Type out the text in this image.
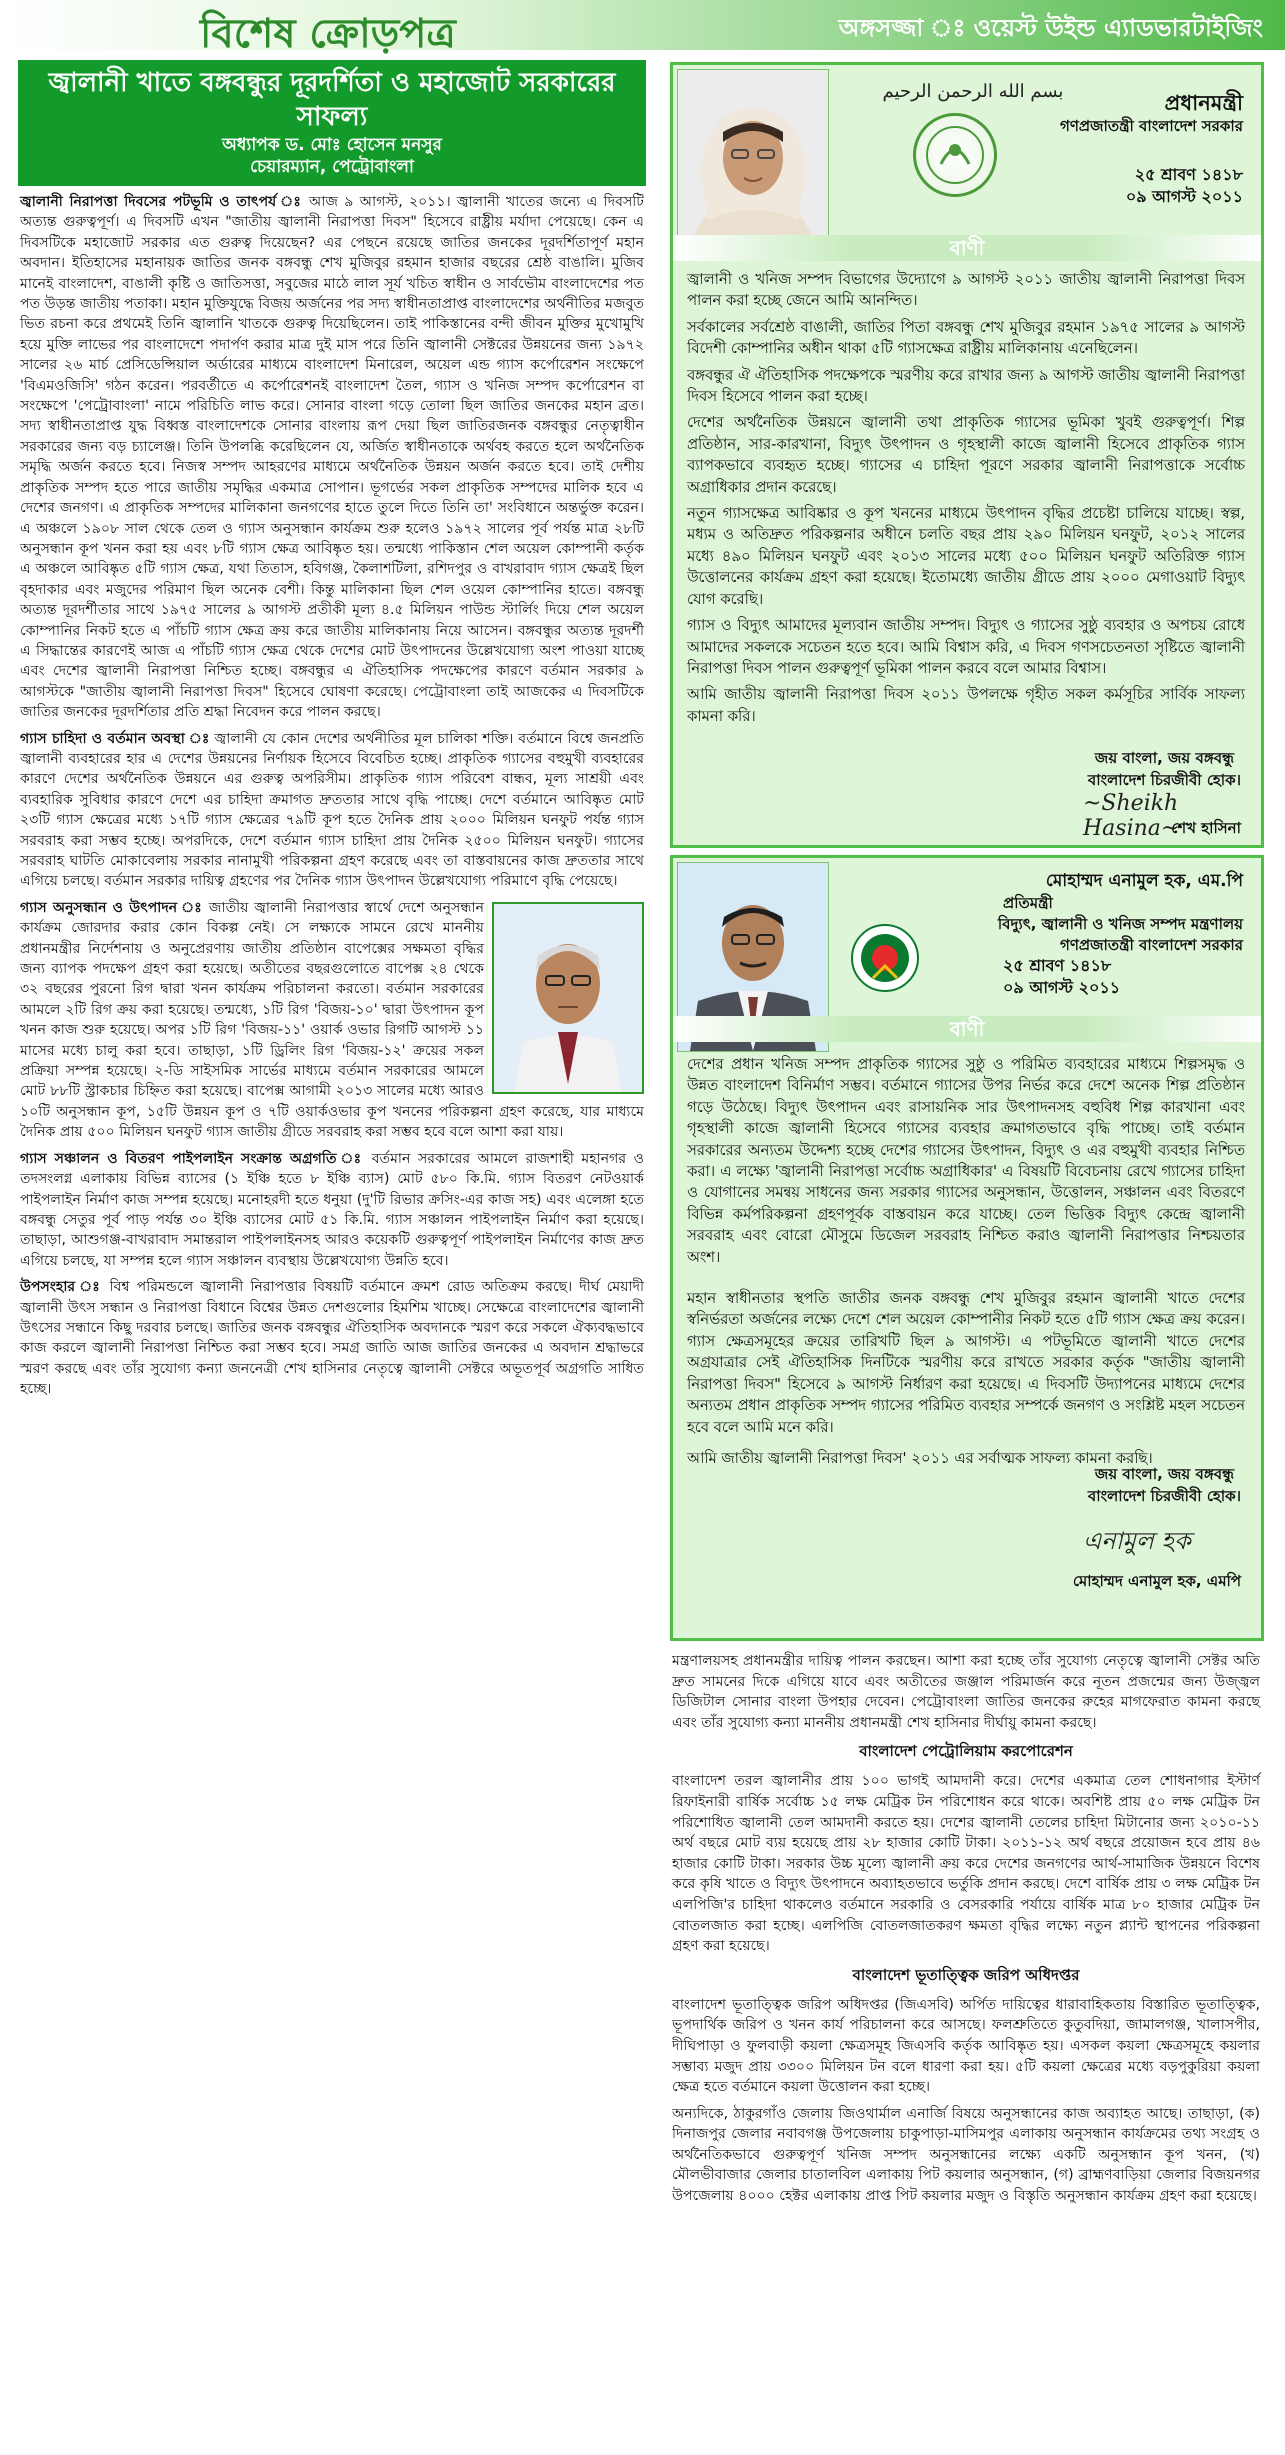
বিশেষ ক্রোড়পত্র	অঙ্গসজ্জা ঃ ওয়েস্ট উইন্ড এ্যাডভারটাইজিং
জ্বালানী খাতে বঙ্গবন্ধুর দূরদর্শিতা ও মহাজোট সরকারের সাফল্য
অধ্যাপক ড. মোঃ হোসেন মনসুর
চেয়ারম্যান, পেট্রোবাংলা
জ্বালানী নিরাপত্তা দিবসের পটভূমি ও তাৎপর্য ঃ আজ ৯ আগস্ট, ২০১১। জ্বালানী খাতের জন্যে এ দিবসটি অত্যন্ত গুরুত্বপূর্ণ। এ দিবসটি এখন "জাতীয় জ্বালানী নিরাপত্তা দিবস" হিসেবে রাষ্ট্রীয় মর্যাদা পেয়েছে। কেন এ দিবসটিকে মহাজোট সরকার এত গুরুত্ব দিয়েছেন? এর পেছনে রয়েছে জাতির জনকের দূরদর্শিতাপূর্ণ মহান অবদান। ইতিহাসের মহানায়ক জাতির জনক বঙ্গবন্ধু শেখ মুজিবুর রহমান হাজার বছরের শ্রেষ্ঠ বাঙালি। মুজিব মানেই বাংলাদেশ, বাঙালী কৃষ্টি ও জাতিসত্তা, সবুজের মাঠে লাল সূর্য খচিত স্বাধীন ও সার্বভৌম বাংলাদেশের পত পত উড়ন্ত জাতীয় পতাকা। মহান মুক্তিযুদ্ধে বিজয় অর্জনের পর সদ্য স্বাধীনতাপ্রাপ্ত বাংলাদেশের অর্থনীতির মজবুত ভিত রচনা করে প্রথমেই তিনি জ্বালানি খাতকে গুরুত্ব দিয়েছিলেন। তাই পাকিস্তানের বন্দী জীবন মুক্তির মুখোমুখি হয়ে মুক্তি লাভের পর বাংলাদেশে পদার্পণ করার মাত্র দুই মাস পরে তিনি জ্বালানী সেক্টরের উন্নয়নের জন্য ১৯৭২ সালের ২৬ মার্চ প্রেসিডেন্সিয়াল অর্ডারের মাধ্যমে বাংলাদেশ মিনারেল, অয়েল এন্ড গ্যাস কর্পোরেশন সংক্ষেপে 'বিএমওজিসি' গঠন করেন। পরবর্তীতে এ কর্পোরেশনই বাংলাদেশ তৈল, গ্যাস ও খনিজ সম্পদ কর্পোরেশন বা সংক্ষেপে 'পেট্রোবাংলা' নামে পরিচিতি লাভ করে। সোনার বাংলা গড়ে তোলা ছিল জাতির জনকের মহান ব্রত। সদ্য স্বাধীনতাপ্রাপ্ত যুদ্ধ বিধ্বস্ত বাংলাদেশকে সোনার বাংলায় রূপ দেয়া ছিল জাতিরজনক বঙ্গবন্ধুর নেতৃত্বাধীন সরকারের জন্য বড় চ্যালেঞ্জ। তিনি উপলব্ধি করেছিলেন যে, অর্জিত স্বাধীনতাকে অর্থবহ করতে হলে অর্থনৈতিক সমৃদ্ধি অর্জন করতে হবে। নিজস্ব সম্পদ আহরণের মাধ্যমে অর্থনৈতিক উন্নয়ন অর্জন করতে হবে। তাই দেশীয় প্রাকৃতিক সম্পদ হতে পারে জাতীয় সমৃদ্ধির একমাত্র সোপান। ভূগর্ভের সকল প্রাকৃতিক সম্পদের মালিক হবে এ দেশের জনগণ। এ প্রাকৃতিক সম্পদের মালিকানা জনগণের হাতে তুলে দিতে তিনি তা' সংবিধানে অন্তর্ভুক্ত করেন। এ অঞ্চলে ১৯০৮ সাল থেকে তেল ও গ্যাস অনুসন্ধান কার্যক্রম শুরু হলেও ১৯৭২ সালের পূর্ব পর্যন্ত মাত্র ২৮টি অনুসন্ধান কূপ খনন করা হয় এবং ৮টি গ্যাস ক্ষেত্র আবিষ্কৃত হয়। তন্মধ্যে পাকিস্তান শেল অয়েল কোম্পানী কর্তৃক এ অঞ্চলে আবিষ্কৃত ৫টি গ্যাস ক্ষেত্র, যথা তিতাস, হবিগঞ্জ, কৈলাশটিলা, রশিদপুর ও বাখরাবাদ গ্যাস ক্ষেত্রই ছিল বৃহদাকার এবং মজুদের পরিমাণ ছিল অনেক বেশী। কিন্তু মালিকানা ছিল শেল ওয়েল কোম্পানির হাতে। বঙ্গবন্ধু অত্যন্ত দূরদর্শীতার সাথে ১৯৭৫ সালের ৯ আগস্ট প্রতীকী মূল্য ৪.৫ মিলিয়ন পাউন্ড স্টার্লিং দিয়ে শেল অয়েল কোম্পানির নিকট হতে এ পাঁচটি গ্যাস ক্ষেত্র ক্রয় করে জাতীয় মালিকানায় নিয়ে আসেন। বঙ্গবন্ধুর অত্যন্ত দূরদর্শী এ সিদ্ধান্তের কারণেই আজ এ পাঁচটি গ্যাস ক্ষেত্র থেকে দেশের মোট উৎপাদনের উল্লেখযোগ্য অংশ পাওয়া যাচ্ছে এবং দেশের জ্বালানী নিরাপত্তা নিশ্চিত হচ্ছে। বঙ্গবন্ধুর এ ঐতিহাসিক পদক্ষেপের কারণে বর্তমান সরকার ৯ আগস্টকে "জাতীয় জ্বালানী নিরাপত্তা দিবস" হিসেবে ঘোষণা করেছে। পেট্রোবাংলা তাই আজকের এ দিবসটিকে জাতির জনকের দূরদর্শিতার প্রতি শ্রদ্ধা নিবেদন করে পালন করছে।
গ্যাস চাহিদা ও বর্তমান অবস্থা ঃ জ্বালানী যে কোন দেশের অর্থনীতির মূল চালিকা শক্তি। বর্তমানে বিশ্বে জনপ্রতি জ্বালানী ব্যবহারের হার এ দেশের উন্নয়নের নির্ণায়ক হিসেবে বিবেচিত হচ্ছে। প্রাকৃতিক গ্যাসের বহুমুখী ব্যবহারের কারণে দেশের অর্থনৈতিক উন্নয়নে এর গুরুত্ব অপরিসীম। প্রাকৃতিক গ্যাস পরিবেশ বান্ধব, মূল্য সাশ্রয়ী এবং ব্যবহারিক সুবিধার কারণে দেশে এর চাহিদা ক্রমাগত দ্রুততার সাথে বৃদ্ধি পাচ্ছে। দেশে বর্তমানে আবিষ্কৃত মোট ২৩টি গ্যাস ক্ষেত্রের মধ্যে ১৭টি গ্যাস ক্ষেত্রের ৭৯টি কূপ হতে দৈনিক প্রায় ২০০০ মিলিয়ন ঘনফুট পর্যন্ত গ্যাস সরবরাহ করা সম্ভব হচ্ছে। অপরদিকে, দেশে বর্তমান গ্যাস চাহিদা প্রায় দৈনিক ২৫০০ মিলিয়ন ঘনফুট। গ্যাসের সরবরাহ ঘাটতি মোকাবেলায় সরকার নানামুখী পরিকল্পনা গ্রহণ করেছে এবং তা বাস্তবায়নের কাজ দ্রুততার সাথে এগিয়ে চলছে। বর্তমান সরকার দায়িত্ব গ্রহণের পর দৈনিক গ্যাস উৎপাদন উল্লেখযোগ্য পরিমাণে বৃদ্ধি পেয়েছে।
গ্যাস অনুসন্ধান ও উৎপাদন ঃ জাতীয় জ্বালানী নিরাপত্তার স্বার্থে দেশে অনুসন্ধান কার্যক্রম জোরদার করার কোন বিকল্প নেই। সে লক্ষ্যকে সামনে রেখে মাননীয় প্রধানমন্ত্রীর নির্দেশনায় ও অনুপ্রেরণায় জাতীয় প্রতিষ্ঠান বাপেক্সের সক্ষমতা বৃদ্ধির জন্য ব্যাপক পদক্ষেপ গ্রহণ করা হয়েছে। অতীতের বছরগুলোতে বাপেক্স ২৪ থেকে ৩২ বছরের পুরনো রিগ দ্বারা খনন কার্যক্রম পরিচালনা করতো। বর্তমান সরকারের আমলে ২টি রিগ ক্রয় করা হয়েছে। তন্মধ্যে, ১টি রিগ 'বিজয়-১০' দ্বারা উৎপাদন কূপ খনন কাজ শুরু হয়েছে। অপর ১টি রিগ 'বিজয়-১১' ওয়ার্ক ওভার রিগটি আগস্ট ১১ মাসের মধ্যে চালু করা হবে। তাছাড়া, ১টি ড্রিলিং রিগ 'বিজয়-১২' ক্রয়ের সকল প্রক্রিয়া সম্পন্ন হয়েছে। ২-ডি সাইসমিক সার্ভের মাধ্যমে বর্তমান সরকারের আমলে মোট ৮৮টি স্ট্রাকচার চিহ্নিত করা হয়েছে। বাপেক্স আগামী ২০১৩ সালের মধ্যে আরও ১০টি অনুসন্ধান কূপ, ১৫টি উন্নয়ন কূপ ও ৭টি ওয়ার্কওভার কূপ খননের পরিকল্পনা গ্রহণ করেছে, যার মাধ্যমে দৈনিক প্রায় ৫০০ মিলিয়ন ঘনফুট গ্যাস জাতীয় গ্রীডে সরবরাহ করা সম্ভব হবে বলে আশা করা যায়।
গ্যাস সঞ্চালন ও বিতরণ পাইপলাইন সংক্রান্ত অগ্রগতি ঃ বর্তমান সরকারের আমলে রাজশাহী মহানগর ও তদসংলগ্ন এলাকায় বিভিন্ন ব্যাসের (১ ইঞ্চি হতে ৮ ইঞ্চি ব্যাস) মোট ৫৮০ কি.মি. গ্যাস বিতরণ নেটওয়ার্ক পাইপলাইন নির্মাণ কাজ সম্পন্ন হয়েছে। মনোহরদী হতে ধনুয়া (দু'টি রিভার ক্রসিং-এর কাজ সহ) এবং এলেঙ্গা হতে বঙ্গবন্ধু সেতুর পূর্ব পাড় পর্যন্ত ৩০ ইঞ্চি ব্যাসের মোট ৫১ কি.মি. গ্যাস সঞ্চালন পাইপলাইন নির্মাণ করা হয়েছে। তাছাড়া, আশুগঞ্জ-বাখরাবাদ সমান্তরাল পাইপলাইনসহ আরও কয়েকটি গুরুত্বপূর্ণ পাইপলাইন নির্মাণের কাজ দ্রুত এগিয়ে চলছে, যা সম্পন্ন হলে গ্যাস সঞ্চালন ব্যবস্থায় উল্লেখযোগ্য উন্নতি হবে।
উপসংহার ঃ বিশ্ব পরিমন্ডলে জ্বালানী নিরাপত্তার বিষয়টি বর্তমানে ক্রমশ রোড অতিক্রম করছে। দীর্ঘ মেয়াদী জ্বালানী উৎস সন্ধান ও নিরাপত্তা বিধানে বিশ্বের উন্নত দেশগুলোর হিমশিম খাচ্ছে। সেক্ষেত্রে বাংলাদেশের জ্বালানী উৎসের সন্ধানে কিছু দরবার চলছে। জাতির জনক বঙ্গবন্ধুর ঐতিহাসিক অবদানকে স্মরণ করে সকলে ঐক্যবদ্ধভাবে কাজ করলে জ্বালানী নিরাপত্তা নিশ্চিত করা সম্ভব হবে। সমগ্র জাতি আজ জাতির জনকের এ অবদান শ্রদ্ধাভরে স্মরণ করছে এবং তাঁর সুযোগ্য কন্যা জননেত্রী শেখ হাসিনার নেতৃত্বে জ্বালানী সেক্টরে অভূতপূর্ব অগ্রগতি সাধিত হচ্ছে।
بسم الله الرحمن الرحيم	প্রধানমন্ত্রী
গণপ্রজাতন্ত্রী বাংলাদেশ সরকার
২৫ শ্রাবণ ১৪১৮
০৯ আগস্ট ২০১১
বাণী

জ্বালানী ও খনিজ সম্পদ বিভাগের উদ্যোগে ৯ আগস্ট ২০১১ জাতীয় জ্বালানী নিরাপত্তা দিবস পালন করা হচ্ছে জেনে আমি আনন্দিত।

সর্বকালের সর্বশ্রেষ্ঠ বাঙালী, জাতির পিতা বঙ্গবন্ধু শেখ মুজিবুর রহমান ১৯৭৫ সালের ৯ আগস্ট বিদেশী কোম্পানির অধীন থাকা ৫টি গ্যাসক্ষেত্র রাষ্ট্রীয় মালিকানায় এনেছিলেন।

বঙ্গবন্ধুর ঐ ঐতিহাসিক পদক্ষেপকে স্মরণীয় করে রাখার জন্য ৯ আগস্ট জাতীয় জ্বালানী নিরাপত্তা দিবস হিসেবে পালন করা হচ্ছে।

দেশের অর্থনৈতিক উন্নয়নে জ্বালানী তথা প্রাকৃতিক গ্যাসের ভূমিকা খুবই গুরুত্বপূর্ণ। শিল্প প্রতিষ্ঠান, সার-কারখানা, বিদ্যুৎ উৎপাদন ও গৃহস্থালী কাজে জ্বালানী হিসেবে প্রাকৃতিক গ্যাস ব্যাপকভাবে ব্যবহৃত হচ্ছে। গ্যাসের এ চাহিদা পূরণে সরকার জ্বালানী নিরাপত্তাকে সর্বোচ্চ অগ্রাধিকার প্রদান করেছে।

নতুন গ্যাসক্ষেত্র আবিষ্কার ও কূপ খননের মাধ্যমে উৎপাদন বৃদ্ধির প্রচেষ্টা চালিয়ে যাচ্ছে। স্বল্প, মধ্যম ও অতিদ্রুত পরিকল্পনার অধীনে চলতি বছর প্রায় ২৯০ মিলিয়ন ঘনফুট, ২০১২ সালের মধ্যে ৪৯০ মিলিয়ন ঘনফুট এবং ২০১৩ সালের মধ্যে ৫০০ মিলিয়ন ঘনফুট অতিরিক্ত গ্যাস উত্তোলনের কার্যক্রম গ্রহণ করা হয়েছে। ইতোমধ্যে জাতীয় গ্রীডে প্রায় ২০০০ মেগাওয়াট বিদ্যুৎ যোগ করেছি।

গ্যাস ও বিদ্যুৎ আমাদের মূল্যবান জাতীয় সম্পদ। বিদ্যুৎ ও গ্যাসের সুষ্ঠু ব্যবহার ও অপচয় রোধে আমাদের সকলকে সচেতন হতে হবে। আমি বিশ্বাস করি, এ দিবস গণসচেতনতা সৃষ্টিতে জ্বালানী নিরাপত্তা দিবস পালন গুরুত্বপূর্ণ ভূমিকা পালন করবে বলে আমার বিশ্বাস।

আমি জাতীয় জ্বালানী নিরাপত্তা দিবস ২০১১ উপলক্ষে গৃহীত সকল কর্মসূচির সার্বিক সাফল্য কামনা করি।

জয় বাংলা, জয় বঙ্গবন্ধু
বাংলাদেশ চিরজীবী হোক।
~Sheikh Hasina~
শেখ হাসিনা
মোহাম্মদ এনামুল হক, এম.পি
প্রতিমন্ত্রী
বিদ্যুৎ, জ্বালানী ও খনিজ সম্পদ মন্ত্রণালয়
গণপ্রজাতন্ত্রী বাংলাদেশ সরকার
২৫ শ্রাবণ ১৪১৮
০৯ আগস্ট ২০১১
বাণী

দেশের প্রধান খনিজ সম্পদ প্রাকৃতিক গ্যাসের সুষ্ঠু ও পরিমিত ব্যবহারের মাধ্যমে শিল্পসমৃদ্ধ ও উন্নত বাংলাদেশ বিনির্মাণ সম্ভব। বর্তমানে গ্যাসের উপর নির্ভর করে দেশে অনেক শিল্প প্রতিষ্ঠান গড়ে উঠেছে। বিদ্যুৎ উৎপাদন এবং রাসায়নিক সার উৎপাদনসহ বহুবিধ শিল্প কারখানা এবং গৃহস্থালী কাজে জ্বালানী হিসেবে গ্যাসের ব্যবহার ক্রমাগতভাবে বৃদ্ধি পাচ্ছে। তাই বর্তমান সরকারের অন্যতম উদ্দেশ্য হচ্ছে দেশের গ্যাসের উৎপাদন, বিদ্যুৎ ও এর বহুমুখী ব্যবহার নিশ্চিত করা। এ লক্ষ্যে 'জ্বালানী নিরাপত্তা সর্বোচ্চ অগ্রাধিকার' এ বিষয়টি বিবেচনায় রেখে গ্যাসের চাহিদা ও যোগানের সমন্বয় সাধনের জন্য সরকার গ্যাসের অনুসন্ধান, উত্তোলন, সঞ্চালন এবং বিতরণে বিভিন্ন কর্মপরিকল্পনা গ্রহণপূর্বক বাস্তবায়ন করে যাচ্ছে। তেল ভিত্তিক বিদ্যুৎ কেন্দ্রে জ্বালানী সরবরাহ এবং বোরো মৌসুমে ডিজেল সরবরাহ নিশ্চিত করাও জ্বালানী নিরাপত্তার নিশ্চয়তার অংশ।

মহান স্বাধীনতার স্থপতি জাতীর জনক বঙ্গবন্ধু শেখ মুজিবুর রহমান জ্বালানী খাতে দেশের স্বনির্ভরতা অর্জনের লক্ষ্যে দেশে শেল অয়েল কোম্পানীর নিকট হতে ৫টি গ্যাস ক্ষেত্র ক্রয় করেন। গ্যাস ক্ষেত্রসমূহের ক্রয়ের তারিখটি ছিল ৯ আগস্ট। এ পটভূমিতে জ্বালানী খাতে দেশের অগ্রযাত্রার সেই ঐতিহাসিক দিনটিকে স্মরণীয় করে রাখতে সরকার কর্তৃক "জাতীয় জ্বালানী নিরাপত্তা দিবস" হিসেবে ৯ আগস্ট নির্ধারণ করা হয়েছে। এ দিবসটি উদ্যাপনের মাধ্যমে দেশের অন্যতম প্রধান প্রাকৃতিক সম্পদ গ্যাসের পরিমিত ব্যবহার সম্পর্কে জনগণ ও সংশ্লিষ্ট মহল সচেতন হবে বলে আমি মনে করি।

আমি জাতীয় জ্বালানী নিরাপত্তা দিবস' ২০১১ এর সর্বাত্মক সাফল্য কামনা করছি।

জয় বাংলা, জয় বঙ্গবন্ধু
বাংলাদেশ চিরজীবী হোক।
এনামুল হক
মোহাম্মদ এনামুল হক, এমপি
মন্ত্রণালয়সহ প্রধানমন্ত্রীর দায়িত্ব পালন করছেন। আশা করা হচ্ছে তাঁর সুযোগ্য নেতৃত্বে জ্বালানী সেক্টর অতি দ্রুত সামনের দিকে এগিয়ে যাবে এবং অতীতের জঞ্জাল পরিমার্জন করে নূতন প্রজন্মের জন্য উজ্জ্বল ডিজিটাল সোনার বাংলা উপহার দেবেন। পেট্রোবাংলা জাতির জনকের রুহের মাগফেরাত কামনা করছে এবং তাঁর সুযোগ্য কন্যা মাননীয় প্রধানমন্ত্রী শেখ হাসিনার দীর্ঘায়ু কামনা করছে।
বাংলাদেশ পেট্রোলিয়াম করপোরেশন
বাংলাদেশ তরল জ্বালানীর প্রায় ১০০ ভাগই আমদানী করে। দেশের একমাত্র তেল শোধনাগার ইস্টার্ণ রিফাইনারী বার্ষিক সর্বোচ্চ ১৫ লক্ষ মেট্রিক টন পরিশোধন করে থাকে। অবশিষ্ট প্রায় ৫০ লক্ষ মেট্রিক টন পরিশোধিত জ্বালানী তেল আমদানী করতে হয়। দেশের জ্বালানী তেলের চাহিদা মিটানোর জন্য ২০১০-১১ অর্থ বছরে মোট ব্যয় হয়েছে প্রায় ২৮ হাজার কোটি টাকা। ২০১১-১২ অর্থ বছরে প্রয়োজন হবে প্রায় ৪৬ হাজার কোটি টাকা। সরকার উচ্চ মূল্যে জ্বালানী ক্রয় করে দেশের জনগণের আর্থ-সামাজিক উন্নয়নে বিশেষ করে কৃষি খাতে ও বিদ্যুৎ উৎপাদনে অব্যাহতভাবে ভর্তুকি প্রদান করছে। দেশে বার্ষিক প্রায় ৩ লক্ষ মেট্রিক টন এলপিজি'র চাহিদা থাকলেও বর্তমানে সরকারি ও বেসরকারি পর্যায়ে বার্ষিক মাত্র ৮০ হাজার মেট্রিক টন বোতলজাত করা হচ্ছে। এলপিজি বোতলজাতকরণ ক্ষমতা বৃদ্ধির লক্ষ্যে নতুন প্ল্যান্ট স্থাপনের পরিকল্পনা গ্রহণ করা হয়েছে।
বাংলাদেশ ভূতাত্ত্বিক জরিপ অধিদপ্তর
বাংলাদেশ ভূতাত্ত্বিক জরিপ অধিদপ্তর (জিএসবি) অর্পিত দায়িত্বের ধারাবাহিকতায় বিস্তারিত ভূতাত্ত্বিক, ভূপদার্থিক জরিপ ও খনন কার্য পরিচালনা করে আসছে। ফলশ্রুতিতে কুতুবদিয়া, জামালগঞ্জ, খালাসপীর, দীঘিপাড়া ও ফুলবাড়ী কয়লা ক্ষেত্রসমূহ জিএসবি কর্তৃক আবিষ্কৃত হয়। এসকল কয়লা ক্ষেত্রসমূহে কয়লার সম্ভাব্য মজুদ প্রায় ৩৩০০ মিলিয়ন টন বলে ধারণা করা হয়। ৫টি কয়লা ক্ষেত্রের মধ্যে বড়পুকুরিয়া কয়লা ক্ষেত্র হতে বর্তমানে কয়লা উত্তোলন করা হচ্ছে।
অন্যদিকে, ঠাকুরগাঁও জেলায় জিওথার্মাল এনার্জি বিষয়ে অনুসন্ধানের কাজ অব্যাহত আছে। তাছাড়া, (ক) দিনাজপুর জেলার নবাবগঞ্জ উপজেলায় চাকুপাড়া-মাসিমপুর এলাকায় অনুসন্ধান কার্যক্রমের তথ্য সংগ্রহ ও অর্থনৈতিকভাবে গুরুত্বপূর্ণ খনিজ সম্পদ অনুসন্ধানের লক্ষ্যে একটি অনুসন্ধান কূপ খনন, (খ) মৌলভীবাজার জেলার চাতালবিল এলাকায় পিট কয়লার অনুসন্ধান, (গ) ব্রাহ্মণবাড়িয়া জেলার বিজয়নগর উপজেলায় ৪০০০ হেক্টর এলাকায় প্রাপ্ত পিট কয়লার মজুদ ও বিস্তৃতি অনুসন্ধান কার্যক্রম গ্রহণ করা হয়েছে।
